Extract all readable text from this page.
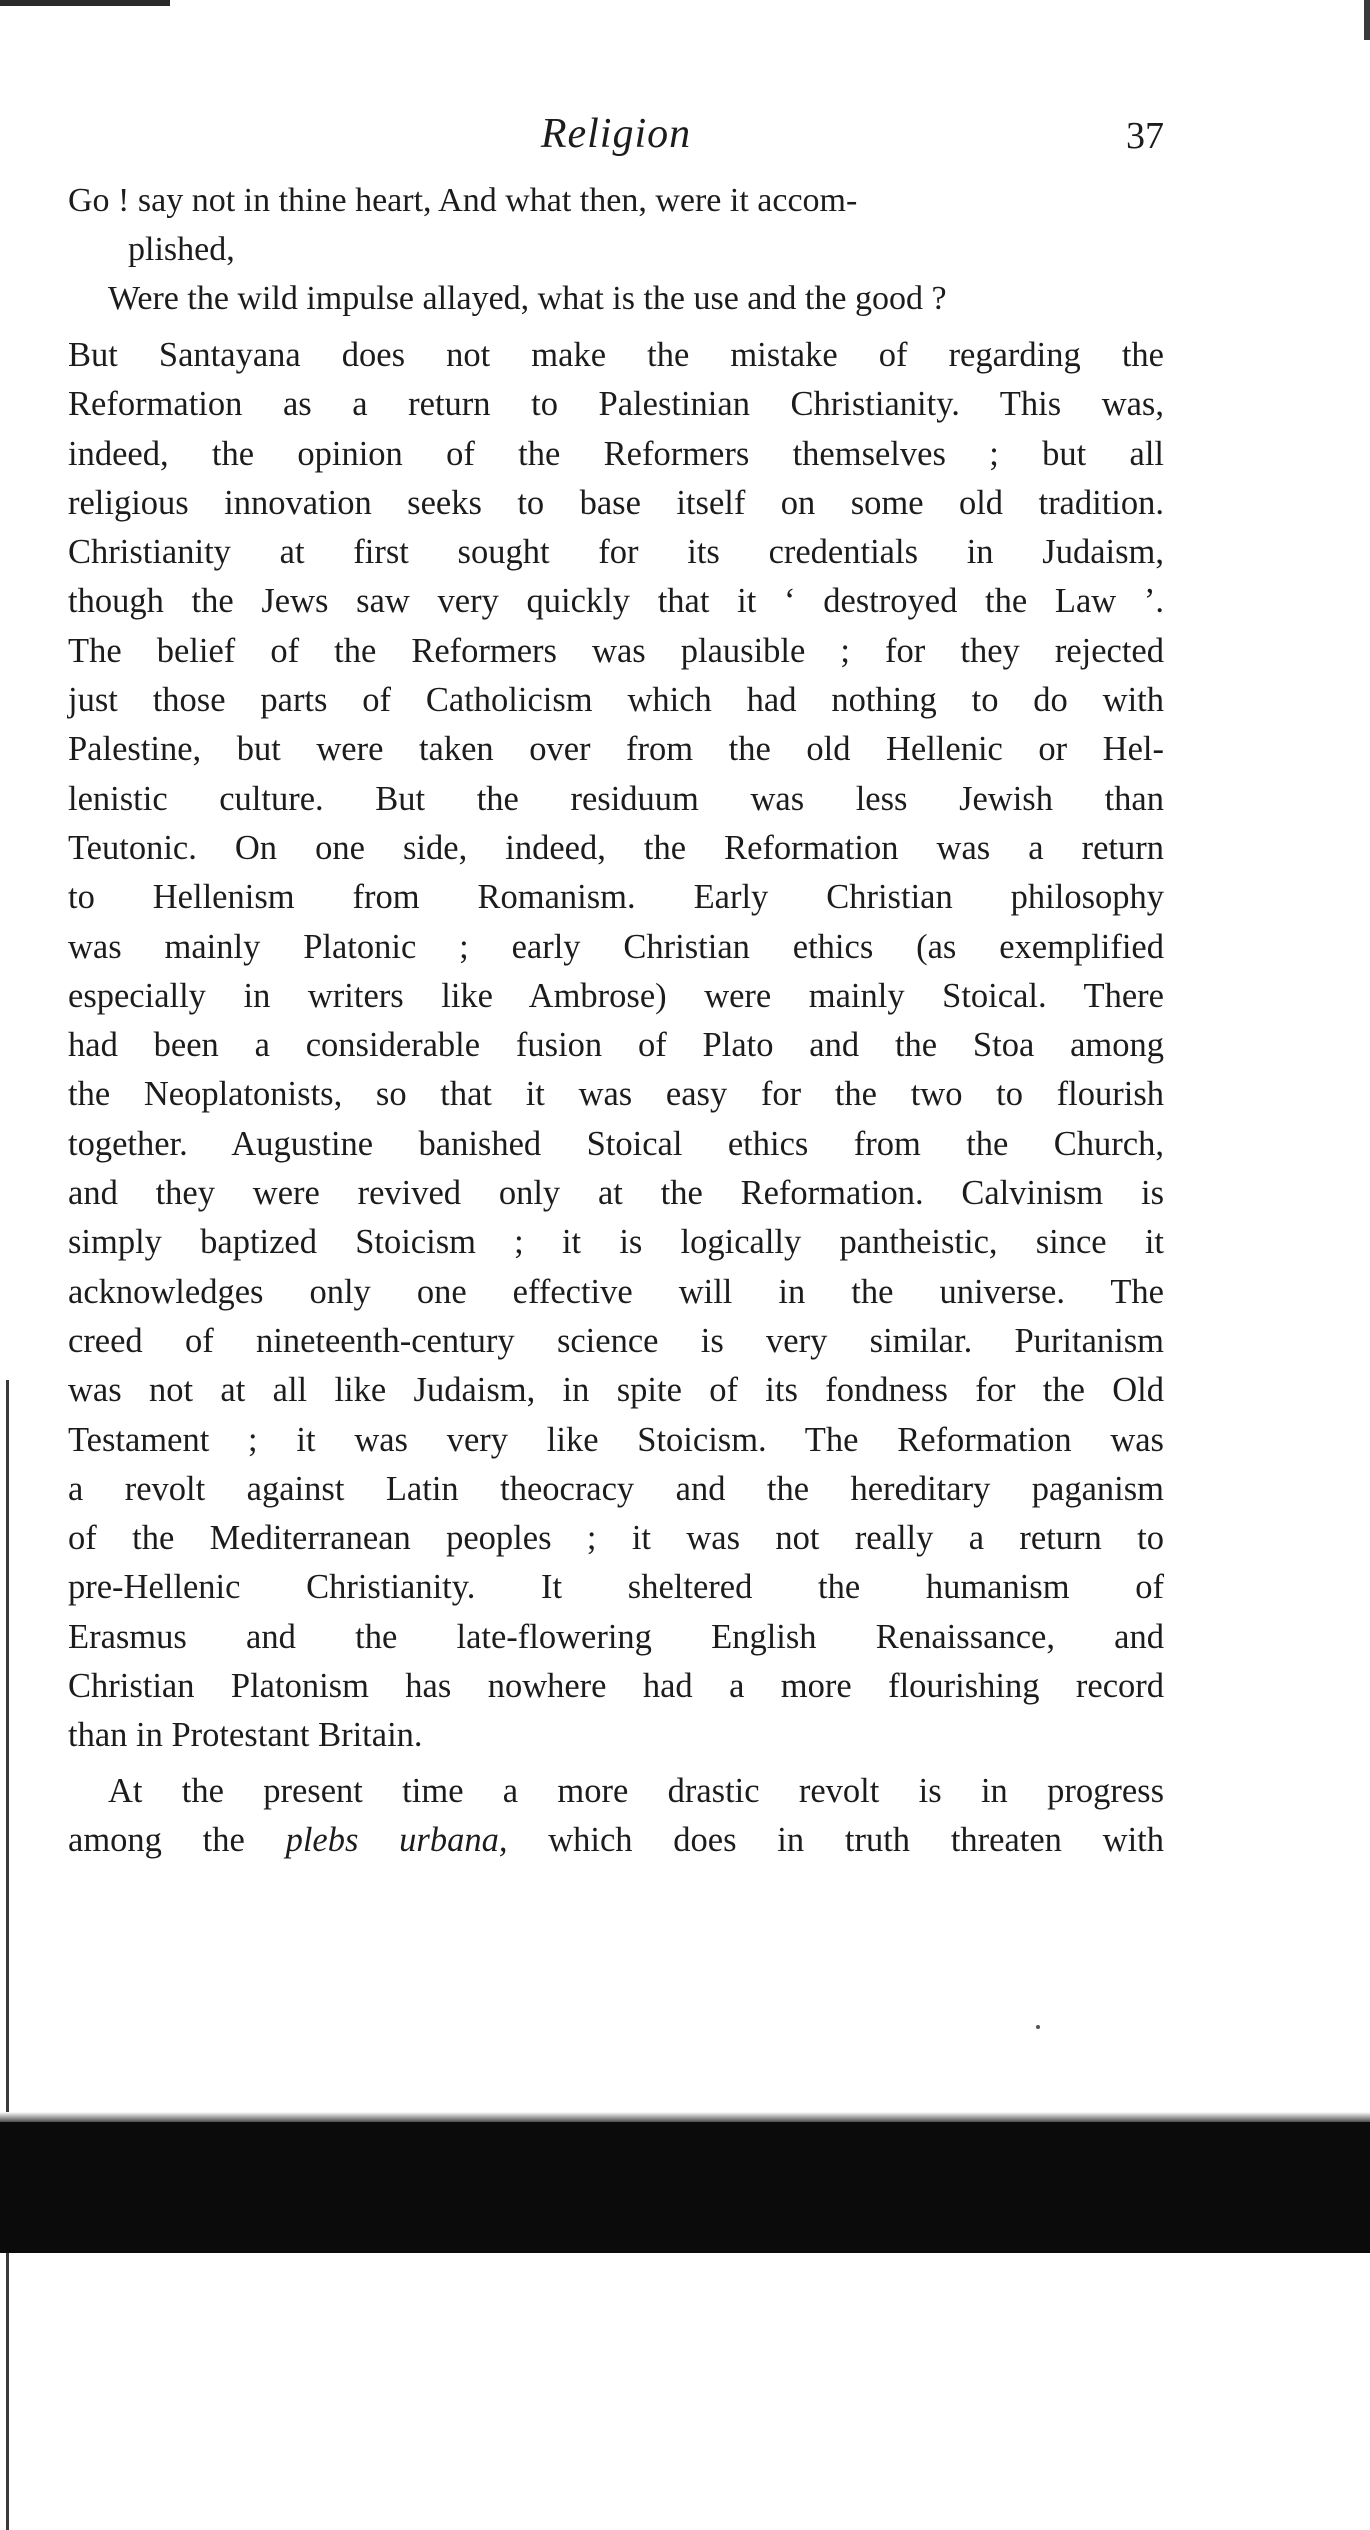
Religion	37
Go ! say not in thine heart, And what then, were it accom-
plished,
Were the wild impulse allayed, what is the use and the good ?
But Santayana does not make the mistake of regarding the
Reformation as a return to Palestinian Christianity. This was,
indeed, the opinion of the Reformers themselves ; but all
religious innovation seeks to base itself on some old tradition.
Christianity at first sought for its credentials in Judaism,
though the Jews saw very quickly that it ‘ destroyed the Law ’.
The belief of the Reformers was plausible ; for they rejected
just those parts of Catholicism which had nothing to do with
Palestine, but were taken over from the old Hellenic or Hel-
lenistic culture. But the residuum was less Jewish than
Teutonic. On one side, indeed, the Reformation was a return
to Hellenism from Romanism. Early Christian philosophy
was mainly Platonic ; early Christian ethics (as exemplified
especially in writers like Ambrose) were mainly Stoical. There
had been a considerable fusion of Plato and the Stoa among
the Neoplatonists, so that it was easy for the two to flourish
together. Augustine banished Stoical ethics from the Church,
and they were revived only at the Reformation. Calvinism is
simply baptized Stoicism ; it is logically pantheistic, since it
acknowledges only one effective will in the universe. The
creed of nineteenth-century science is very similar. Puritanism
was not at all like Judaism, in spite of its fondness for the Old
Testament ; it was very like Stoicism. The Reformation was
a revolt against Latin theocracy and the hereditary paganism
of the Mediterranean peoples ; it was not really a return to
pre-Hellenic Christianity. It sheltered the humanism of
Erasmus and the late-flowering English Renaissance, and
Christian Platonism has nowhere had a more flourishing record
than in Protestant Britain.
At the present time a more drastic revolt is in progress
among the plebs urbana, which does in truth threaten with
